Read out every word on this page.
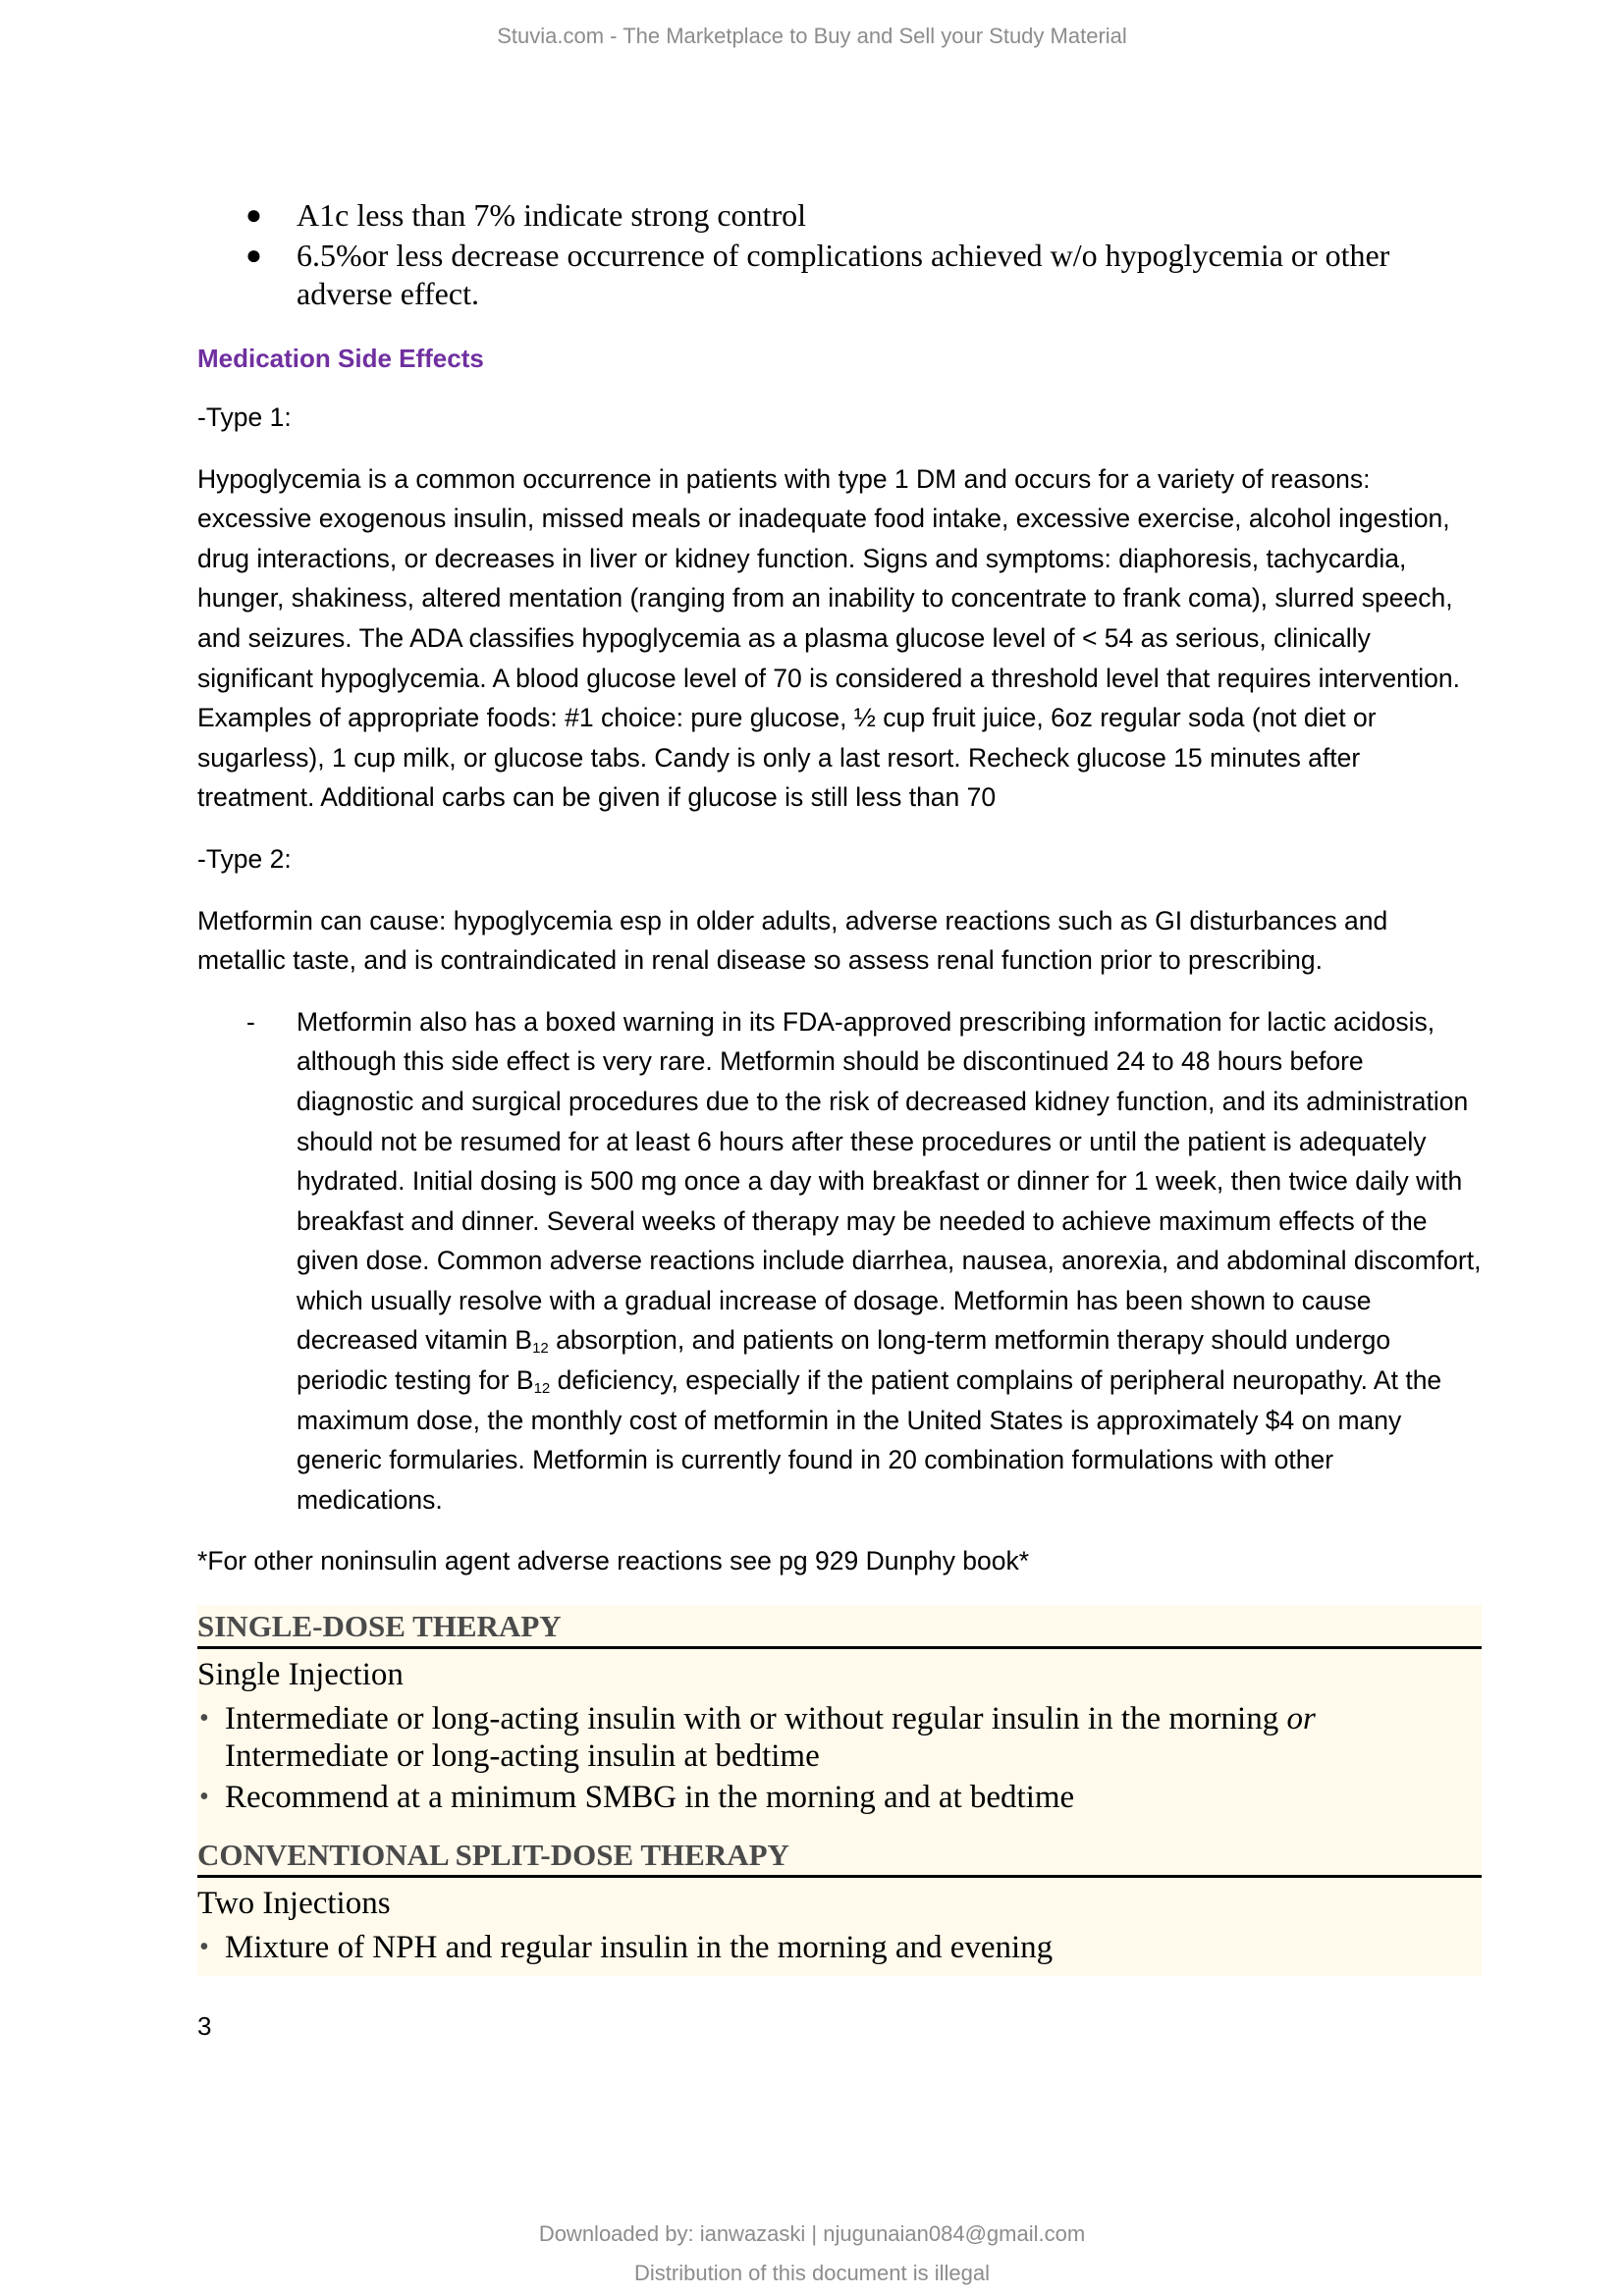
Stuvia.com - The Marketplace to Buy and Sell your Study Material
● A1c less than 7% indicate strong control
● 6.5%or less decrease occurrence of complications achieved w/o hypoglycemia or other adverse effect.
Medication Side Effects
-Type 1:
Hypoglycemia is a common occurrence in patients with type 1 DM and occurs for a variety of reasons: excessive exogenous insulin, missed meals or inadequate food intake, excessive exercise, alcohol ingestion, drug interactions, or decreases in liver or kidney function. Signs and symptoms: diaphoresis, tachycardia, hunger, shakiness, altered mentation (ranging from an inability to concentrate to frank coma), slurred speech, and seizures. The ADA classifies hypoglycemia as a plasma glucose level of < 54 as serious, clinically significant hypoglycemia. A blood glucose level of 70 is considered a threshold level that requires intervention. Examples of appropriate foods: #1 choice: pure glucose, ½ cup fruit juice, 6oz regular soda (not diet or sugarless), 1 cup milk, or glucose tabs. Candy is only a last resort. Recheck glucose 15 minutes after treatment. Additional carbs can be given if glucose is still less than 70
-Type 2:
Metformin can cause: hypoglycemia esp in older adults, adverse reactions such as GI disturbances and metallic taste, and is contraindicated in renal disease so assess renal function prior to prescribing.
- Metformin also has a boxed warning in its FDA-approved prescribing information for lactic acidosis, although this side effect is very rare. Metformin should be discontinued 24 to 48 hours before diagnostic and surgical procedures due to the risk of decreased kidney function, and its administration should not be resumed for at least 6 hours after these procedures or until the patient is adequately hydrated. Initial dosing is 500 mg once a day with breakfast or dinner for 1 week, then twice daily with breakfast and dinner. Several weeks of therapy may be needed to achieve maximum effects of the given dose. Common adverse reactions include diarrhea, nausea, anorexia, and abdominal discomfort, which usually resolve with a gradual increase of dosage. Metformin has been shown to cause decreased vitamin $B_{12}$ absorption, and patients on long-term metformin therapy should undergo periodic testing for $B_{12}$ deficiency, especially if the patient complains of peripheral neuropathy. At the maximum dose, the monthly cost of metformin in the United States is approximately $4 on many generic formularies. Metformin is currently found in 20 combination formulations with other medications.
*For other noninsulin agent adverse reactions see pg 929 Dunphy book*
SINGLE-DOSE THERAPY
Single Injection
• Intermediate or long-acting insulin with or without regular insulin in the morning or Intermediate or long-acting insulin at bedtime
• Recommend at a minimum SMBG in the morning and at bedtime
CONVENTIONAL SPLIT-DOSE THERAPY
Two Injections
• Mixture of NPH and regular insulin in the morning and evening
3
Downloaded by: ianwazaski | njugunaian084@gmail.com
Distribution of this document is illegal
